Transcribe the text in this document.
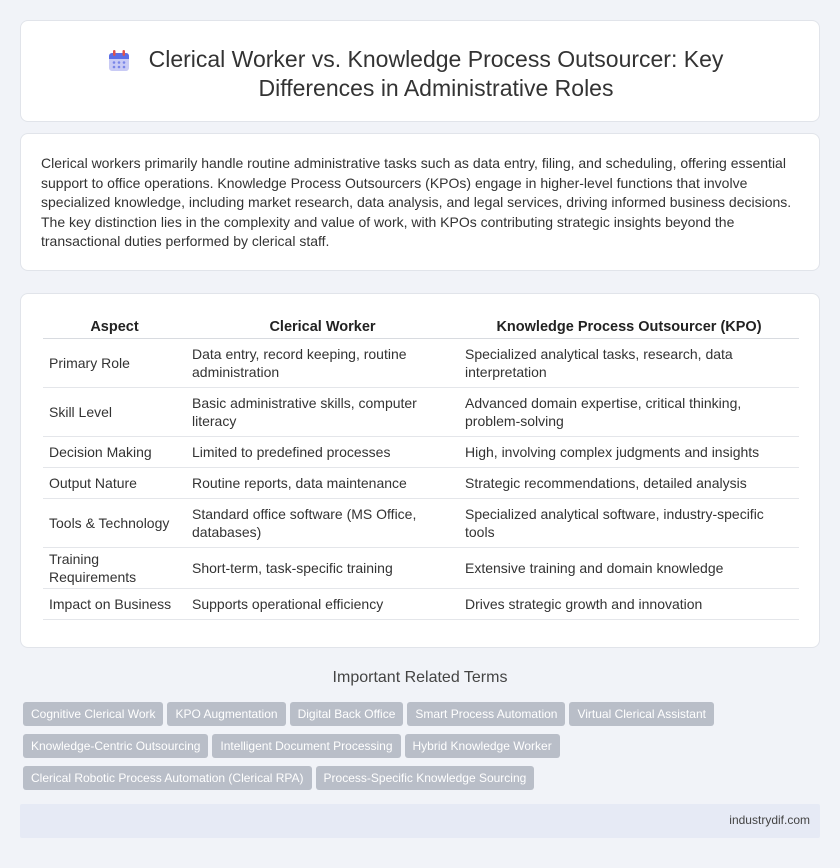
Clerical Worker vs. Knowledge Process Outsourcer: Key Differences in Administrative Roles

Clerical workers primarily handle routine administrative tasks such as data entry, filing, and scheduling, offering essential support to office operations. Knowledge Process Outsourcers (KPOs) engage in higher-level functions that involve specialized knowledge, including market research, data analysis, and legal services, driving informed business decisions. The key distinction lies in the complexity and value of work, with KPOs contributing strategic insights beyond the transactional duties performed by clerical staff.

Aspect	Clerical Worker	Knowledge Process Outsourcer (KPO)
Primary Role	Data entry, record keeping, routine administration	Specialized analytical tasks, research, data interpretation
Skill Level	Basic administrative skills, computer literacy	Advanced domain expertise, critical thinking, problem-solving
Decision Making	Limited to predefined processes	High, involving complex judgments and insights
Output Nature	Routine reports, data maintenance	Strategic recommendations, detailed analysis
Tools & Technology	Standard office software (MS Office, databases)	Specialized analytical software, industry-specific tools
Training Requirements	Short-term, task-specific training	Extensive training and domain knowledge
Impact on Business	Supports operational efficiency	Drives strategic growth and innovation
Important Related Terms
Cognitive Clerical Work KPO Augmentation Digital Back Office Smart Process Automation Virtual Clerical Assistant
Knowledge-Centric Outsourcing Intelligent Document Processing Hybrid Knowledge Worker
Clerical Robotic Process Automation (Clerical RPA) Process-Specific Knowledge Sourcing
industrydif.com
